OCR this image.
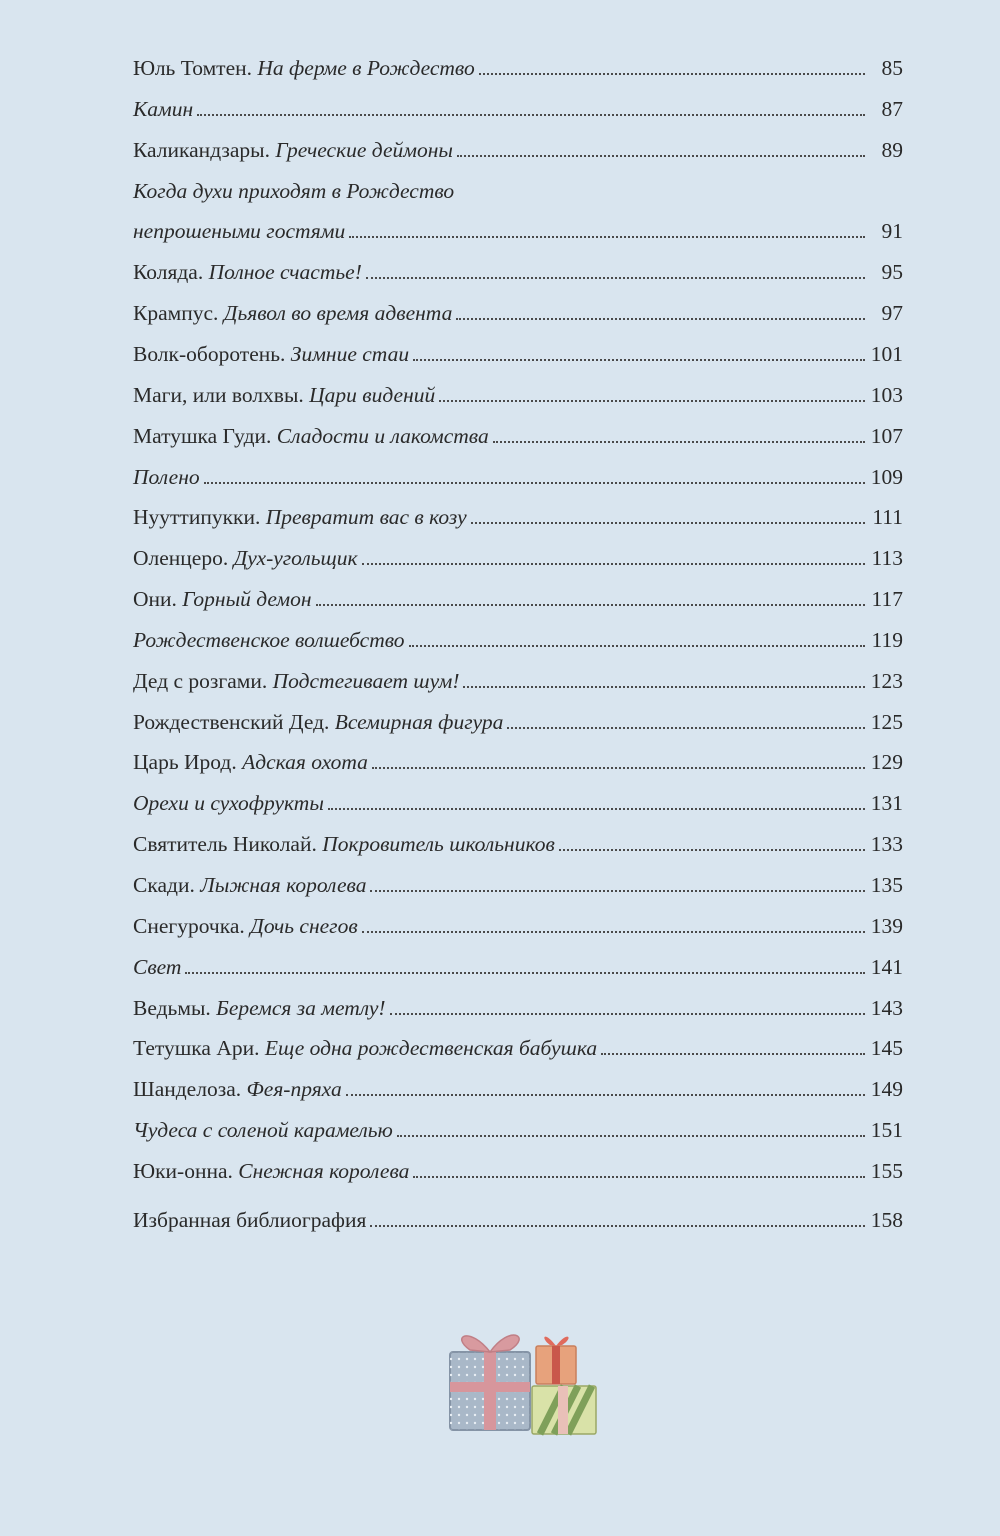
Юль Томтен. На ферме в Рождество	85
Камин	87
Каликандзары. Греческие деймоны	89
Когда духи приходят в Рождество
непрошеными гостями	91
Коляда. Полное счастье!	95
Крампус. Дьявол во время адвента	97
Волк-оборотень. Зимние стаи	101
Маги, или волхвы. Цари видений	103
Матушка Гуди. Сладости и лакомства	107
Полено	109
Нууттипукки. Превратит вас в козу	111
Оленцеро. Дух-угольщик	113
Они. Горный демон	117
Рождественское волшебство	119
Дед с розгами. Подстегивает шум!	123
Рождественский Дед. Всемирная фигура	125
Царь Ирод. Адская охота	129
Орехи и сухофрукты	131
Святитель Николай. Покровитель школьников	133
Скади. Лыжная королева	135
Снегурочка. Дочь снегов	139
Свет	141
Ведьмы. Беремся за метлу!	143
Тетушка Ари. Еще одна рождественская бабушка	145
Шанделоза. Фея-пряха	149
Чудеса с соленой карамелью	151
Юки-онна. Снежная королева	155
Избранная библиография	158
